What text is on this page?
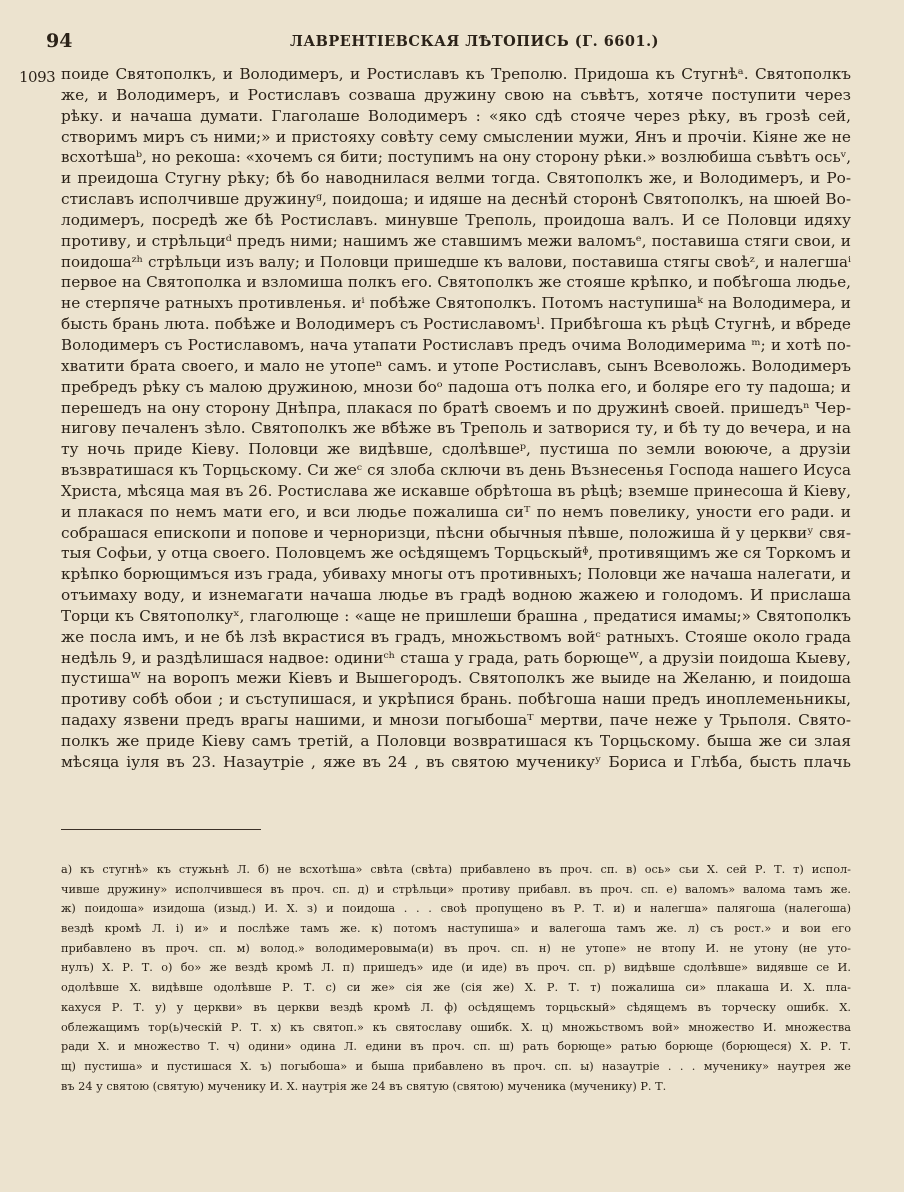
94	ЛАВРЕНТІЕВСКАЯ ЛѢТОПИСЬ (Г. 6601.)
1093 поиде Святополкъ, и Володимеръ, и Ростиславъ къ Треполю. Придоша къ Стугнѣᵃ. Святополкъ
же, и Володимеръ, и Ростиславъ созваша дружину свою на съвѣтъ, хотяче поступити через
рѣку. и начаша думати. Глаголаше Володимеръ : «яко сдѣ стояче через рѣку, въ грозѣ сей,
створимъ миръ съ ними;» и пристояху совѣту сему смыслении мужи, Янъ и прочіи. Кіяне же не
всхотѣшаᵇ, но рекоша: «хочемъ ся бити; поступимъ на ону сторону рѣки.» возлюбиша съвѣтъ осьᵛ,
и преидоша Стугну рѣку; бѣ бо наводнилася велми тогда. Святополкъ же, и Володимеръ, и Ро-
стиславъ исполчивше дружинуᵍ, поидоша; и идяше на деснѣй сторонѣ Святополкъ, на шюей Во-
лодимеръ, посредѣ же бѣ Ростиславъ. минувше Треполь, проидоша валъ. И се Половци идяху
противу, и стрѣльциᵈ предъ ними; нашимъ же ставшимъ межи валомъᵉ, поставиша стяги свои, и
поидошаᶻʰ стрѣльци изъ валу; и Половци пришедше къ валови, поставиша стягы своѣᶻ, и налегшаⁱ
первое на Святополка и взломиша полкъ его. Святополкъ же стояше крѣпко, и побѣгоша людье,
не стерпяче ратныхъ противленья. иⁱ побѣже Святополкъ. Потомъ наступишаᵏ на Володимера, и
бысть брань люта. побѣже и Володимеръ съ Ростиславомъˡ. Прибѣгоша къ рѣцѣ Стугнѣ, и вбреде
Володимеръ съ Ростиславомъ, нача утапати Ростиславъ предъ очима Володимерима ᵐ; и хотѣ по-
хватити брата своего, и мало не утопеⁿ самъ. и утопе Ростиславъ, сынъ Всеволожь. Володимеръ
пребредъ рѣку съ малою дружиною, мнози боᵒ падоша отъ полка его, и боляре его ту падоша; и
перешедъ на ону сторону Днѣпра, плакася по братѣ своемъ и по дружинѣ своей. пришедъⁿ Чер-
нигову печаленъ зѣло. Святополкъ же вбѣже въ Треполь и затворися ту, и бѣ ту до вечера, и на
ту ночь приде Кіеву. Половци же видѣвше, сдолѣвшеᵖ, пустиша по земли воююче, а друзіи
възвратишася къ Торцьскому. Си жеᶜ ся злоба сключи въ день Възнесенья Господа нашего Исуса
Христа, мѣсяца мая въ 26. Ростислава же искавше обрѣтоша въ рѣцѣ; вземше принесоша й Кіеву,
и плакася по немъ мати его, и вси людье пожалиша сиᵀ по немъ повелику, уности его ради. и
собрашася епископи и попове и черноризци, пѣсни обычныя пѣвше, положиша й у церквиʸ свя-
тыя Софьи, у отца своего. Половцемъ же осѣдящемъ Торцьскыйᶲ, противящимъ же ся Торкомъ и
крѣпко борющимъся изъ града, убиваху многы отъ противныхъ; Половци же начаша налегати, и
отъимаху воду, и изнемагати начаша людье въ градѣ водною жажею и голодомъ. И прислаша
Торци къ Святополкуˣ, глаголюще : «аще не пришлеши брашна , предатися имамы;» Святополкъ
же посла имъ, и не бѣ лзѣ вкрастися въ градъ, множьствомъ войᶜ ратныхъ. Стояше около града
недѣль 9, и раздѣлишася надвое: одиниᶜʰ сташа у града, рать борющеᵂ, а друзіи поидоша Кыеву,
пустишаᵂ на воропъ межи Кіевъ и Вышегородъ. Святополкъ же выиде на Желаню, и поидоша
противу собѣ обои ; и съступишася, и укрѣпися брань. побѣгоша наши предъ иноплеменьникы,
падаху язвени предъ врагы нашими, и мнози погыбошаᵀ мертви, паче неже у Трьполя. Свято-
полкъ же приде Кіеву самъ третій, а Половци возвратишася къ Торцьскому. быша же си злая
мѣсяца іуля въ 23. Назаутріе , яже въ 24 , въ святою мученикуʸ Бориса и Глѣба, бысть плачь
а) къ стугнѣ» къ стужьнѣ Л. б) не всхотѣша» свѣта (свѣта) прибавлено въ проч. сп. в) ось» сьи Х. сей Р. Т. т) испол-
чивше дружину» исполчившеся въ проч. сп. д) и стрѣльци» противу прибавл. въ проч. сп. е) валомъ» валома тамъ же.
ж) поидоша» изидоша (изыд.) И. Х. з) и поидоша . . . своѣ пропущено въ Р. Т. и) и налегша» палягоша (налегоша)
вездѣ кромѣ Л. і) и» и послѣже тамъ же. к) потомъ наступиша» и валегоша тамъ же. л) съ рост.» и вои его
прибавлено въ проч. сп. м) волод.» володимеровыма(и) въ проч. сп. н) не утопе» не втопу И. не утону (не уто-
нулъ) Х. Р. Т. о) бо» же вездѣ кромѣ Л. п) пришедъ» иде (и иде) въ проч. сп. р) видѣвше сдолѣвше» видявше се И.
одолѣвше Х. видѣвше одолѣвше Р. Т. с) си же» сія же (сія же) Х. Р. Т. т) пожалиша си» плакаша И. Х. пла-
кахуся Р. Т. у) у церкви» въ церкви вездѣ кромѣ Л. ф) осѣдящемъ торцьскый» сѣдящемъ въ торческу ошибк. Х.
облежащимъ тор(ь)ческій Р. Т. х) къ святоп.» къ святославу ошибк. Х. ц) множьствомъ вой» множество И. множества
ради Х. и множество Т. ч) одини» одина Л. едини въ проч. сп. ш) рать борюще» ратью борюще (борющеся) Х. Р. Т.
щ) пустиша» и пустишася Х. ъ) погыбоша» и быша прибавлено въ проч. сп. ы) назаутріе . . . мученику» наутрея же
въ 24 у святою (святую) мученику И. Х. наутрія же 24 въ святую (святою) мученика (мученику) Р. Т.
